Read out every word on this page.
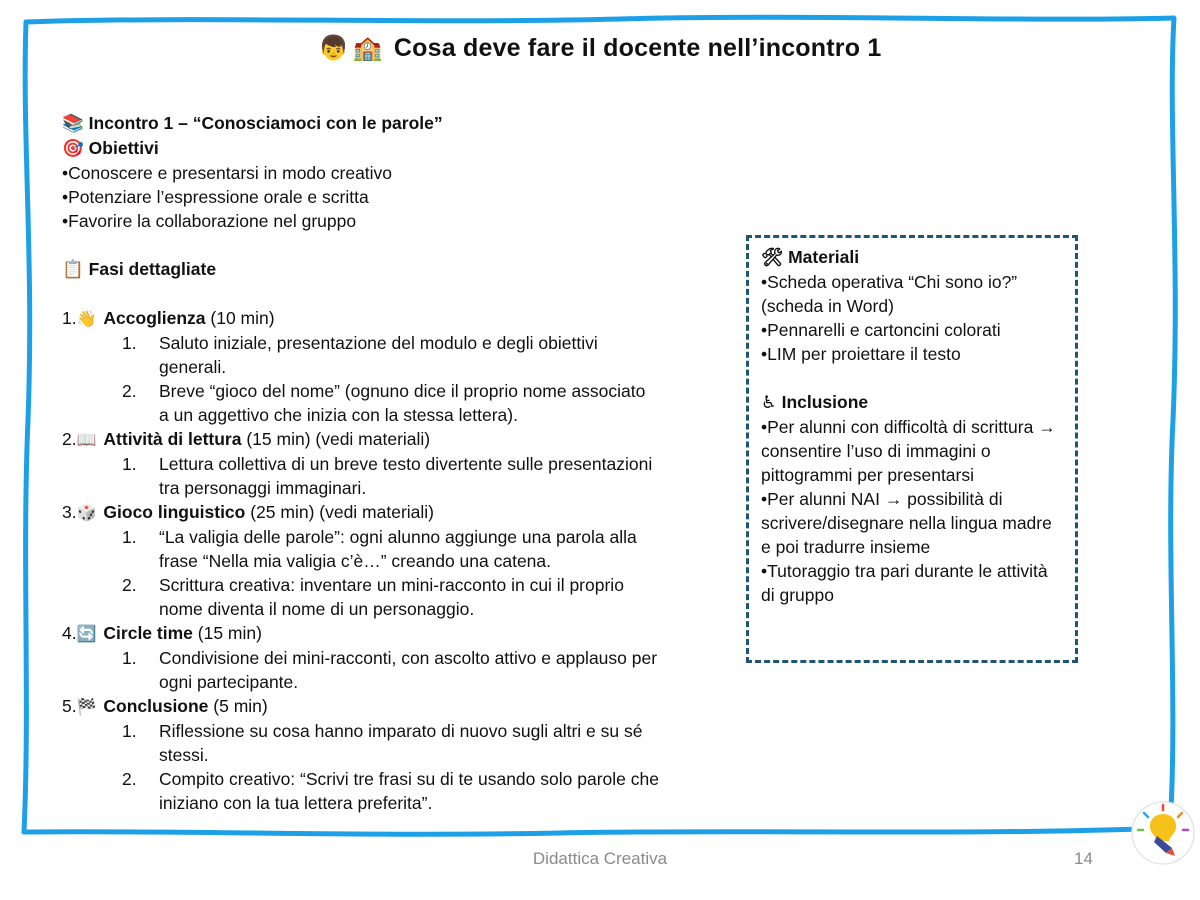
👦 🏫 Cosa deve fare il docente nell’incontro 1

📚 Incontro 1 – “Conosciamoci con le parole”

🎯 Obiettivi

•Conoscere e presentarsi in modo creativo

•Potenziare l’espressione orale e scritta

•Favorire la collaborazione nel gruppo

📋 Fasi dettagliate

1.👋 Accoglienza (10 min)

1.	Saluto iniziale, presentazione del modulo e degli obiettivi generali.
2.	Breve “gioco del nome” (ognuno dice il proprio nome associato a un aggettivo che inizia con la stessa lettera).

2.📖 Attività di lettura (15 min) (vedi materiali)

1.	Lettura collettiva di un breve testo divertente sulle presentazioni tra personaggi immaginari.

3.🎲 Gioco linguistico (25 min) (vedi materiali)

1.	“La valigia delle parole”: ogni alunno aggiunge una parola alla frase “Nella mia valigia c’è…” creando una catena.
2.	Scrittura creativa: inventare un mini-racconto in cui il proprio nome diventa il nome di un personaggio.

4.🔄 Circle time (15 min)

1.	Condivisione dei mini-racconti, con ascolto attivo e applauso per ogni partecipante.

5.🏁 Conclusione (5 min)

1.	Riflessione su cosa hanno imparato di nuovo sugli altri e su sé stessi.
2.	Compito creativo: “Scrivi tre frasi su di te usando solo parole che iniziano con la tua lettera preferita”.

🛠 Materiali

•Scheda operativa “Chi sono io?” (scheda in Word)

•Pennarelli e cartoncini colorati

•LIM per proiettare il testo

♿ Inclusione

•Per alunni con difficoltà di scrittura → consentire l’uso di immagini o pittogrammi per presentarsi

•Per alunni NAI → possibilità di scrivere/disegnare nella lingua madre e poi tradurre insieme

•Tutoraggio tra pari durante le attività di gruppo

Didattica Creativa	14
